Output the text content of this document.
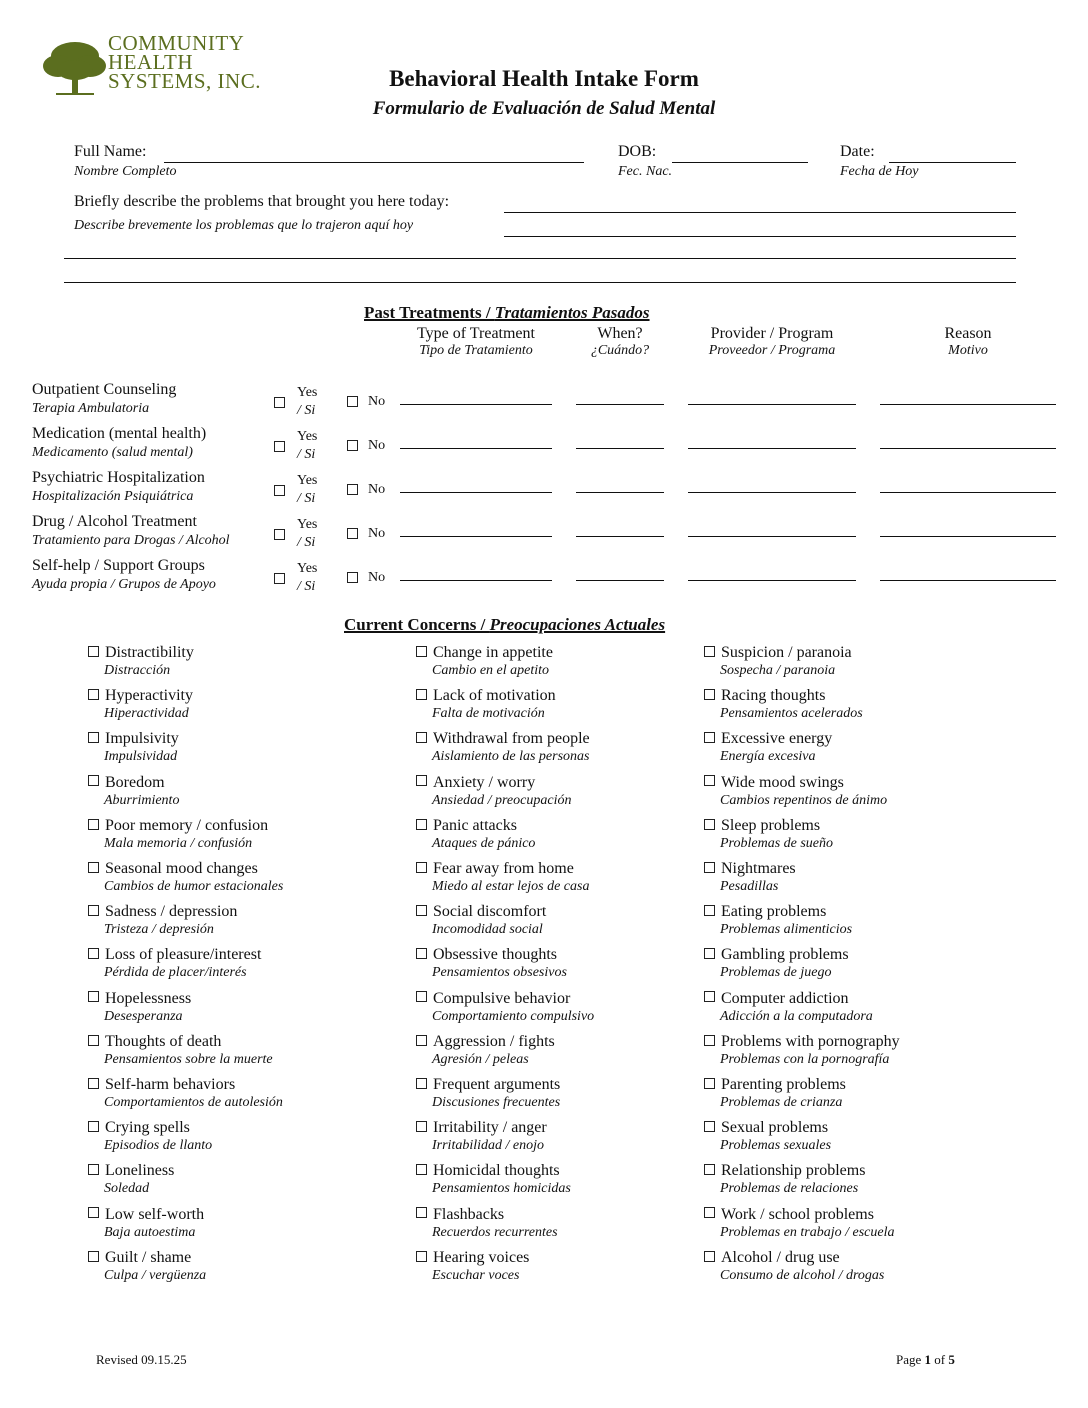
COMMUNITY
HEALTH
SYSTEMS, INC.	Behavioral Health Intake Form
Formulario de Evaluación de Salud Mental
Full Name:
Nombre Completo
DOB:
Fec. Nac.
Date:
Fecha de Hoy
Briefly describe the problems that brought you here today:
Describe brevemente los problemas que lo trajeron aquí hoy
Past Treatments / Tratamientos Pasados
Type of Treatment
Tipo de Tratamiento
When?
¿Cuándo?
Provider / Program
Proveedor / Programa
Reason
Motivo
Outpatient Counseling
Terapia Ambulatoria
Yes
/ Si
No
Medication (mental health)
Medicamento (salud mental)
Yes
/ Si
No
Psychiatric Hospitalization
Hospitalización Psiquiátrica
Yes
/ Si
No
Drug / Alcohol Treatment
Tratamiento para Drogas / Alcohol
Yes
/ Si
No
Self-help / Support Groups
Ayuda propia / Grupos de Apoyo
Yes
/ Si
No
Current Concerns / Preocupaciones Actuales
Distractibility
Distracción
Hyperactivity
Hiperactividad
Impulsivity
Impulsividad
Boredom
Aburrimiento
Poor memory / confusion
Mala memoria / confusión
Seasonal mood changes
Cambios de humor estacionales
Sadness / depression
Tristeza / depresión
Loss of pleasure/interest
Pérdida de placer/interés
Hopelessness
Desesperanza
Thoughts of death
Pensamientos sobre la muerte
Self-harm behaviors
Comportamientos de autolesión
Crying spells
Episodios de llanto
Loneliness
Soledad
Low self-worth
Baja autoestima
Guilt / shame
Culpa / vergüenza
Change in appetite
Cambio en el apetito
Lack of motivation
Falta de motivación
Withdrawal from people
Aislamiento de las personas
Anxiety / worry
Ansiedad / preocupación
Panic attacks
Ataques de pánico
Fear away from home
Miedo al estar lejos de casa
Social discomfort
Incomodidad social
Obsessive thoughts
Pensamientos obsesivos
Compulsive behavior
Comportamiento compulsivo
Aggression / fights
Agresión / peleas
Frequent arguments
Discusiones frecuentes
Irritability / anger
Irritabilidad / enojo
Homicidal thoughts
Pensamientos homicidas
Flashbacks
Recuerdos recurrentes
Hearing voices
Escuchar voces
Suspicion / paranoia
Sospecha / paranoia
Racing thoughts
Pensamientos acelerados
Excessive energy
Energía excesiva
Wide mood swings
Cambios repentinos de ánimo
Sleep problems
Problemas de sueño
Nightmares
Pesadillas
Eating problems
Problemas alimenticios
Gambling problems
Problemas de juego
Computer addiction
Adicción a la computadora
Problems with pornography
Problemas con la pornografía
Parenting problems
Problemas de crianza
Sexual problems
Problemas sexuales
Relationship problems
Problemas de relaciones
Work / school problems
Problemas en trabajo / escuela
Alcohol / drug use
Consumo de alcohol / drogas
Revised 09.15.25	Page 1 of 5
